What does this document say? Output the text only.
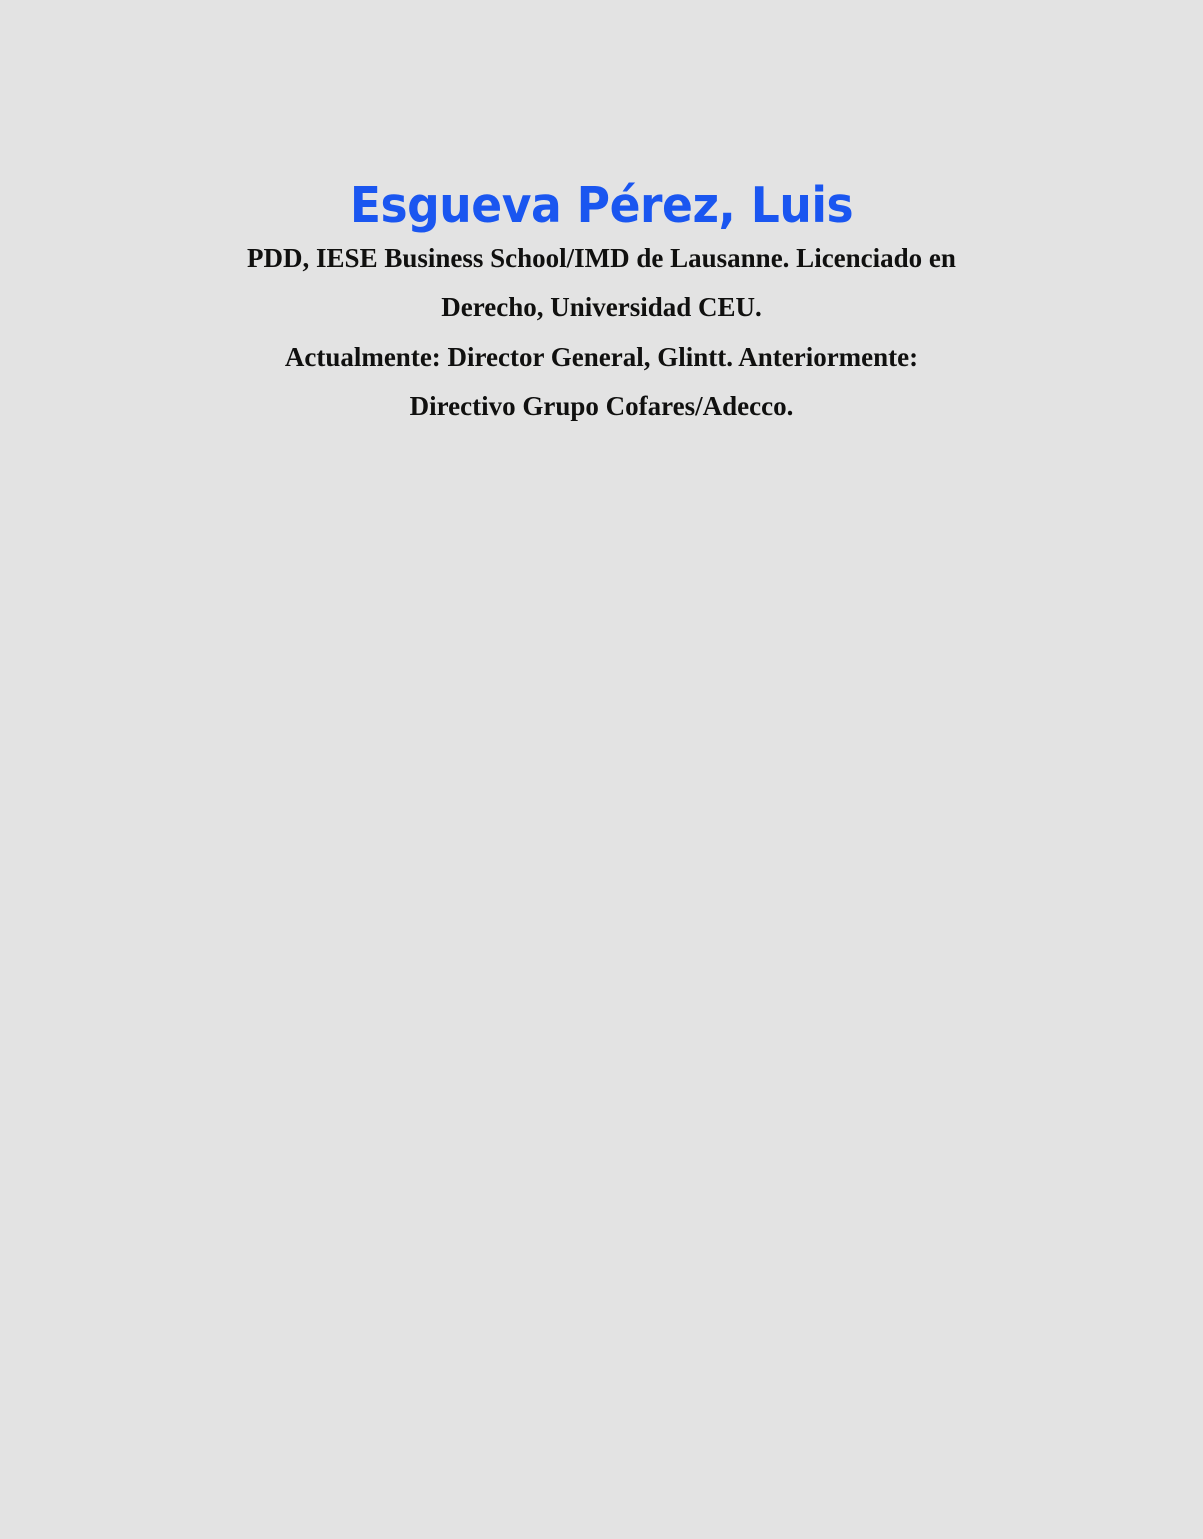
Esgueva Pérez, Luis
PDD, IESE Business School/IMD de Lausanne. Licenciado en
Derecho, Universidad CEU.
Actualmente: Director General, Glintt. Anteriormente:
Directivo Grupo Cofares/Adecco.
